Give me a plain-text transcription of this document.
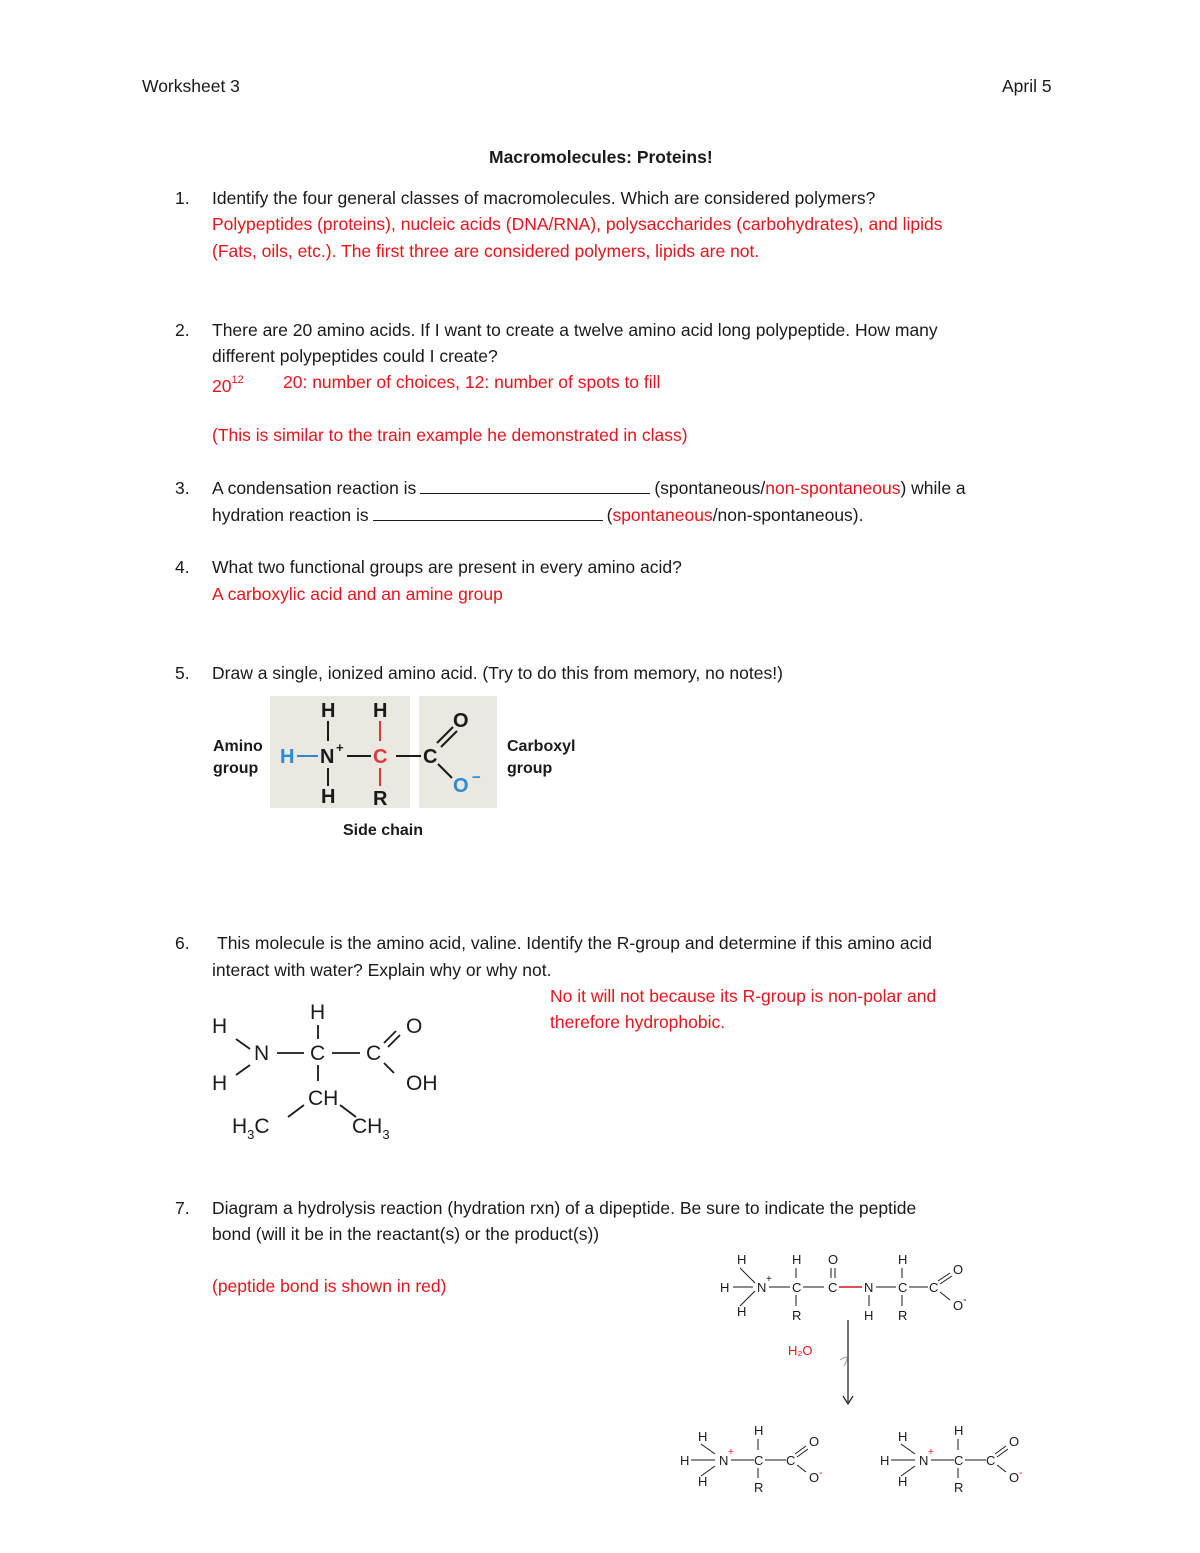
Worksheet 3	April 5
Macromolecules: Proteins!
1. Identify the four general classes of macromolecules. Which are considered polymers?
Polypeptides (proteins), nucleic acids (DNA/RNA), polysaccharides (carbohydrates), and lipids
(Fats, oils, etc.). The first three are considered polymers, lipids are not.
2. There are 20 amino acids. If I want to create a twelve amino acid long polypeptide. How many
different polypeptides could I create?
$20^{12}$ 20: number of choices, 12: number of spots to fill
(This is similar to the train example he demonstrated in class)
3. A condensation reaction is	(spontaneous/non-spontaneous) while a
hydration reaction is	(spontaneous/non-spontaneous).
4. What two functional groups are present in every amino acid?
A carboxylic acid and an amine group
5. Draw a single, ionized amino acid. (Try to do this from memory, no notes!)
Amino
group
Carboxyl
group
Side chain
H N +
H
H
C
H
R
C
O
O −
6. This molecule is the amino acid, valine. Identify the R-group and determine if this amino acid
interact with water? Explain why or why not.
No it will not because its R-group is non-polar and
therefore hydrophobic.
H
N
H
H
C C
O
OH
CH
$H_3C$	$CH_3$
7. Diagram a hydrolysis reaction (hydration rxn) of a dipeptide. Be sure to indicate the peptide
bond (will it be in the reactant(s) or the product(s))
(peptide bond is shown in red)
H
H
H
N
+
H
C
R
O
C N
H
H
C
R
C
O
O -
H₂O
H
H
H
N
+
H
C
R
C
O
O -
H
H
H
N
+
H
C
R
C
O
O -
